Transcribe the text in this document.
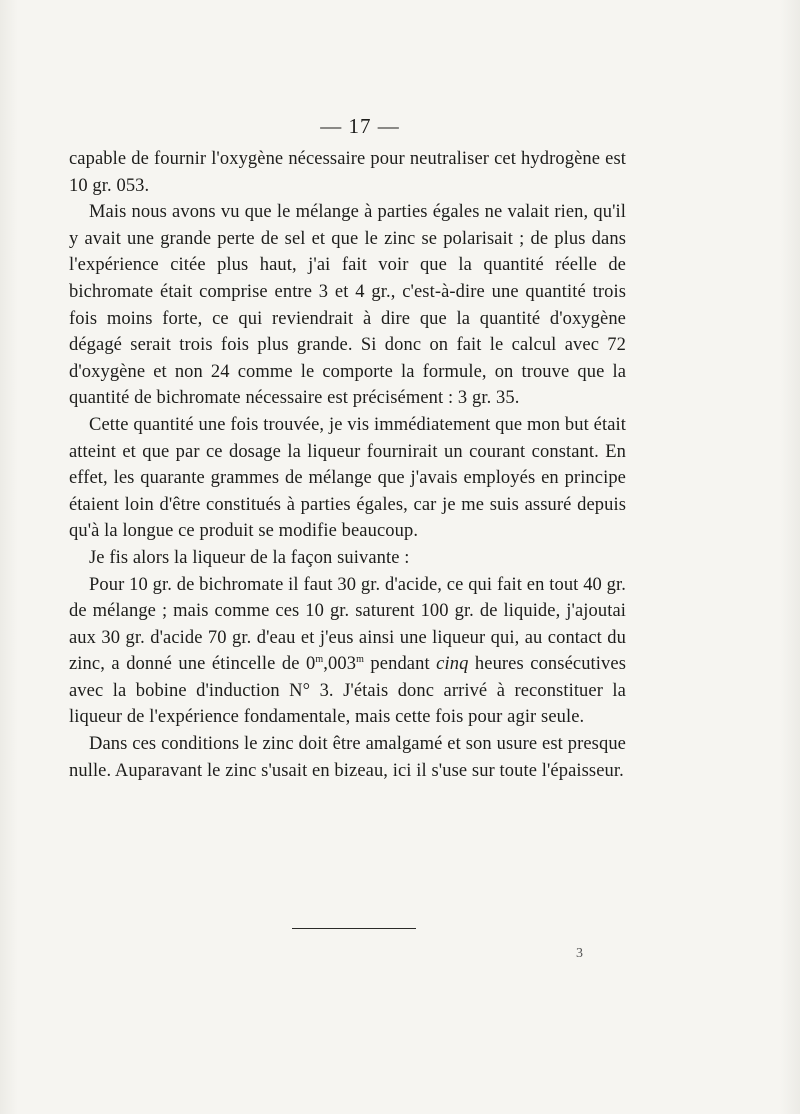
— 17 —

capable de fournir l'oxygène nécessaire pour neutraliser cet hydrogène est 10 gr. 053.

Mais nous avons vu que le mélange à parties égales ne valait rien, qu'il y avait une grande perte de sel et que le zinc se polarisait ; de plus dans l'expérience citée plus haut, j'ai fait voir que la quantité réelle de bichromate était comprise entre 3 et 4 gr., c'est-à-dire une quantité trois fois moins forte, ce qui reviendrait à dire que la quantité d'oxygène dégagé serait trois fois plus grande. Si donc on fait le calcul avec 72 d'oxygène et non 24 comme le comporte la formule, on trouve que la quantité de bichromate nécessaire est précisément : 3 gr. 35.

Cette quantité une fois trouvée, je vis immédiatement que mon but était atteint et que par ce dosage la liqueur fournirait un courant constant. En effet, les quarante grammes de mélange que j'avais employés en principe étaient loin d'être constitués à parties égales, car je me suis assuré depuis qu'à la longue ce produit se modifie beaucoup.

Je fis alors la liqueur de la façon suivante :

Pour 10 gr. de bichromate il faut 30 gr. d'acide, ce qui fait en tout 40 gr. de mélange ; mais comme ces 10 gr. saturent 100 gr. de liquide, j'ajoutai aux 30 gr. d'acide 70 gr. d'eau et j'eus ainsi une liqueur qui, au contact du zinc, a donné une étincelle de 0$^m$,003$^m$ pendant cinq heures consécutives avec la bobine d'induction N° 3. J'étais donc arrivé à reconstituer la liqueur de l'expérience fondamentale, mais cette fois pour agir seule.

Dans ces conditions le zinc doit être amalgamé et son usure est presque nulle. Auparavant le zinc s'usait en bizeau, ici il s'use sur toute l'épaisseur.

3
